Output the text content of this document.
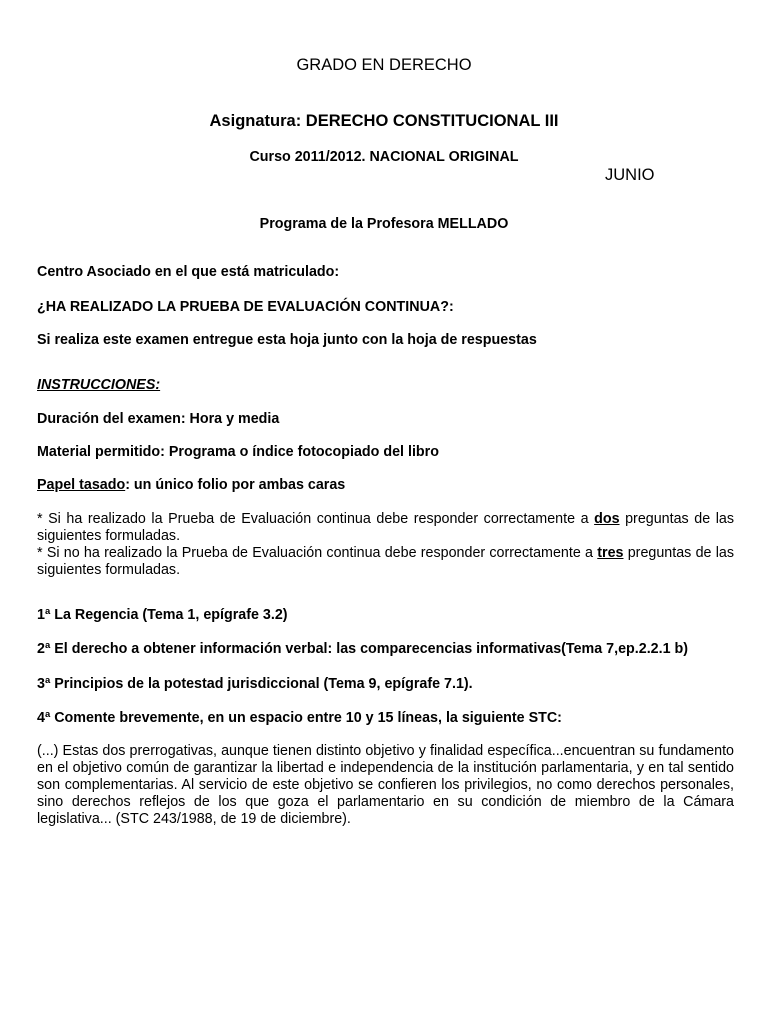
GRADO EN DERECHO
Asignatura: DERECHO CONSTITUCIONAL III
Curso 2011/2012. NACIONAL ORIGINAL
JUNIO
Programa de la Profesora MELLADO
Centro Asociado en el que está matriculado:
¿HA REALIZADO LA PRUEBA DE EVALUACIÓN CONTINUA?:
Si realiza este examen entregue esta hoja junto con la hoja de respuestas
INSTRUCCIONES:
Duración del examen: Hora y media
Material permitido: Programa o índice fotocopiado del libro
Papel tasado: un único folio por ambas caras
* Si ha realizado la Prueba de Evaluación continua debe responder correctamente a dos preguntas de las siguientes formuladas.
* Si no ha realizado la Prueba de Evaluación continua debe responder correctamente a tres preguntas de las siguientes formuladas.
1ª La Regencia (Tema 1, epígrafe 3.2)
2ª El derecho a obtener información verbal: las comparecencias informativas(Tema 7,ep.2.2.1 b)
3ª Principios de la potestad jurisdiccional (Tema 9, epígrafe 7.1).
4ª Comente brevemente, en un espacio entre 10 y 15 líneas, la siguiente STC:
(...) Estas dos prerrogativas, aunque tienen distinto objetivo y finalidad específica...encuentran su fundamento en el objetivo común de garantizar la libertad e independencia de la institución parlamentaria, y en tal sentido son complementarias. Al servicio de este objetivo se confieren los privilegios, no como derechos personales, sino derechos reflejos de los que goza el parlamentario en su condición de miembro de la Cámara legislativa... (STC 243/1988, de 19 de diciembre).
